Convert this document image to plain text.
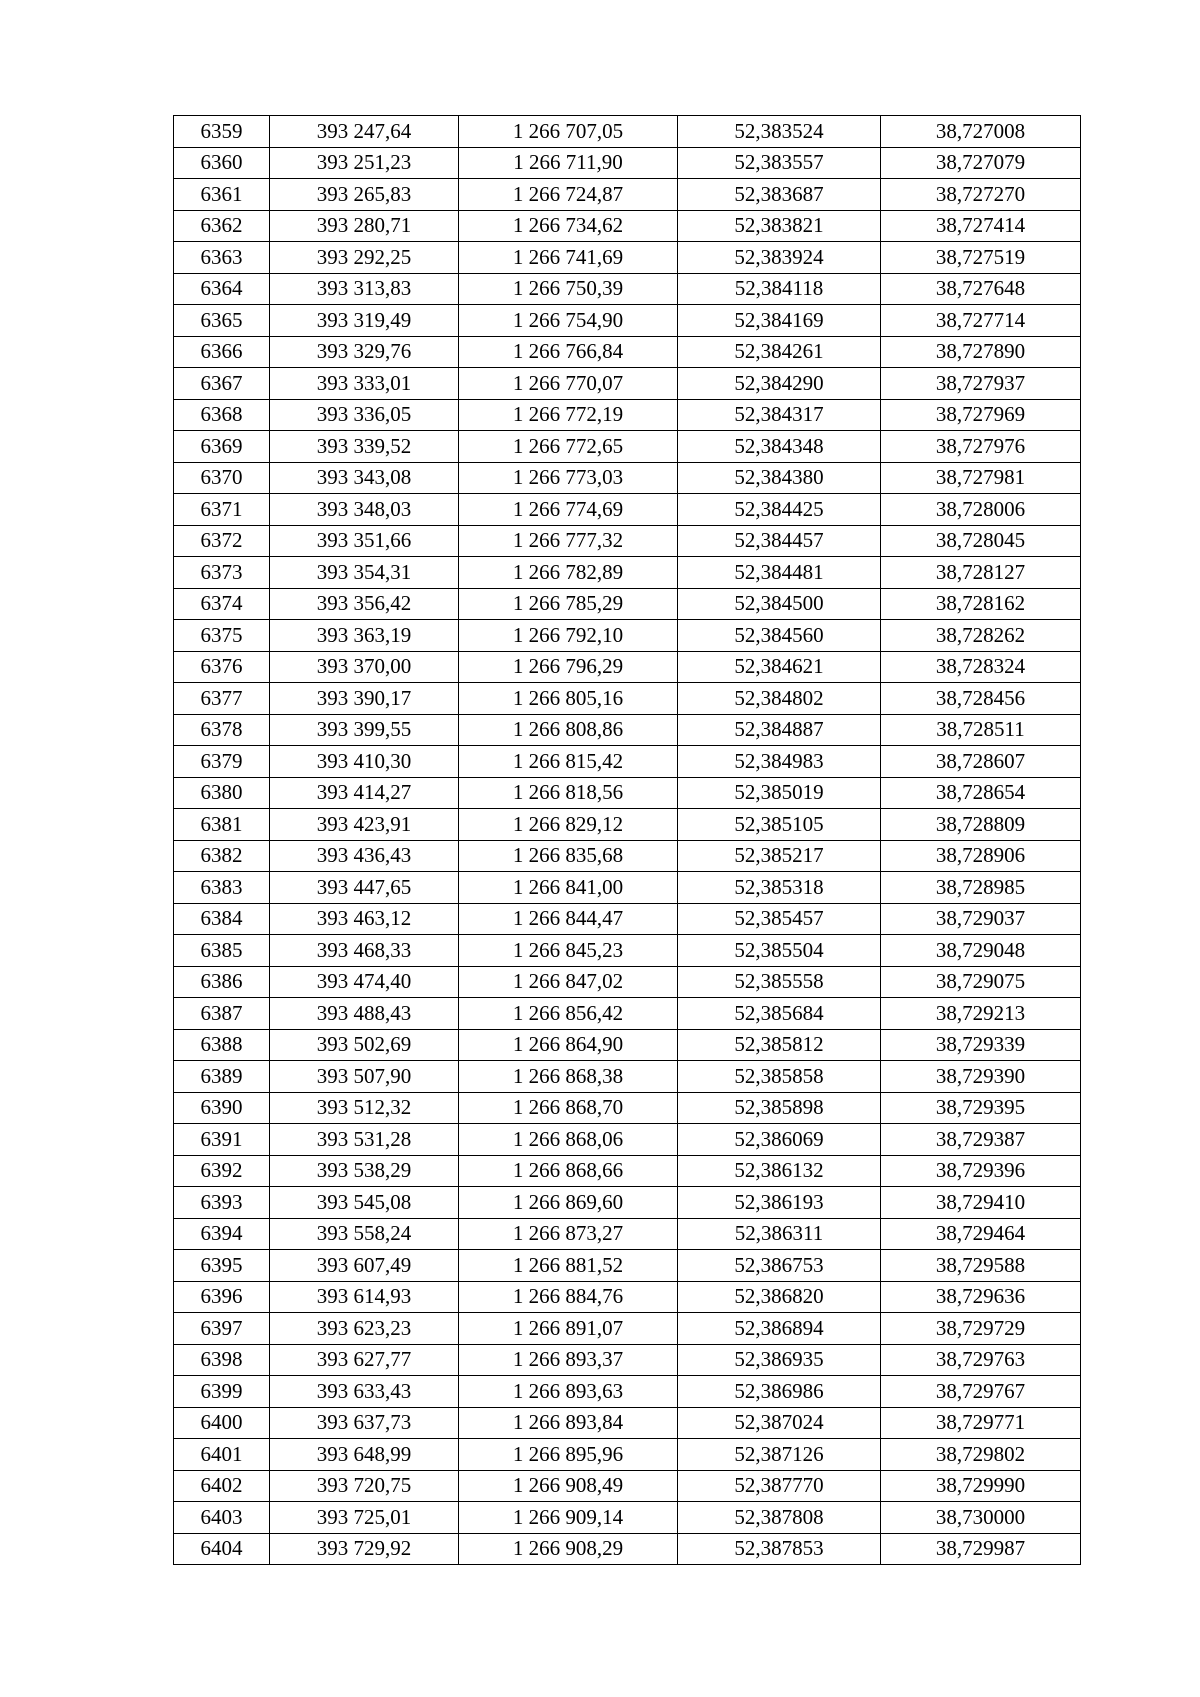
6359	393 247,64	1 266 707,05	52,383524	38,727008
6360	393 251,23	1 266 711,90	52,383557	38,727079
6361	393 265,83	1 266 724,87	52,383687	38,727270
6362	393 280,71	1 266 734,62	52,383821	38,727414
6363	393 292,25	1 266 741,69	52,383924	38,727519
6364	393 313,83	1 266 750,39	52,384118	38,727648
6365	393 319,49	1 266 754,90	52,384169	38,727714
6366	393 329,76	1 266 766,84	52,384261	38,727890
6367	393 333,01	1 266 770,07	52,384290	38,727937
6368	393 336,05	1 266 772,19	52,384317	38,727969
6369	393 339,52	1 266 772,65	52,384348	38,727976
6370	393 343,08	1 266 773,03	52,384380	38,727981
6371	393 348,03	1 266 774,69	52,384425	38,728006
6372	393 351,66	1 266 777,32	52,384457	38,728045
6373	393 354,31	1 266 782,89	52,384481	38,728127
6374	393 356,42	1 266 785,29	52,384500	38,728162
6375	393 363,19	1 266 792,10	52,384560	38,728262
6376	393 370,00	1 266 796,29	52,384621	38,728324
6377	393 390,17	1 266 805,16	52,384802	38,728456
6378	393 399,55	1 266 808,86	52,384887	38,728511
6379	393 410,30	1 266 815,42	52,384983	38,728607
6380	393 414,27	1 266 818,56	52,385019	38,728654
6381	393 423,91	1 266 829,12	52,385105	38,728809
6382	393 436,43	1 266 835,68	52,385217	38,728906
6383	393 447,65	1 266 841,00	52,385318	38,728985
6384	393 463,12	1 266 844,47	52,385457	38,729037
6385	393 468,33	1 266 845,23	52,385504	38,729048
6386	393 474,40	1 266 847,02	52,385558	38,729075
6387	393 488,43	1 266 856,42	52,385684	38,729213
6388	393 502,69	1 266 864,90	52,385812	38,729339
6389	393 507,90	1 266 868,38	52,385858	38,729390
6390	393 512,32	1 266 868,70	52,385898	38,729395
6391	393 531,28	1 266 868,06	52,386069	38,729387
6392	393 538,29	1 266 868,66	52,386132	38,729396
6393	393 545,08	1 266 869,60	52,386193	38,729410
6394	393 558,24	1 266 873,27	52,386311	38,729464
6395	393 607,49	1 266 881,52	52,386753	38,729588
6396	393 614,93	1 266 884,76	52,386820	38,729636
6397	393 623,23	1 266 891,07	52,386894	38,729729
6398	393 627,77	1 266 893,37	52,386935	38,729763
6399	393 633,43	1 266 893,63	52,386986	38,729767
6400	393 637,73	1 266 893,84	52,387024	38,729771
6401	393 648,99	1 266 895,96	52,387126	38,729802
6402	393 720,75	1 266 908,49	52,387770	38,729990
6403	393 725,01	1 266 909,14	52,387808	38,730000
6404	393 729,92	1 266 908,29	52,387853	38,729987
